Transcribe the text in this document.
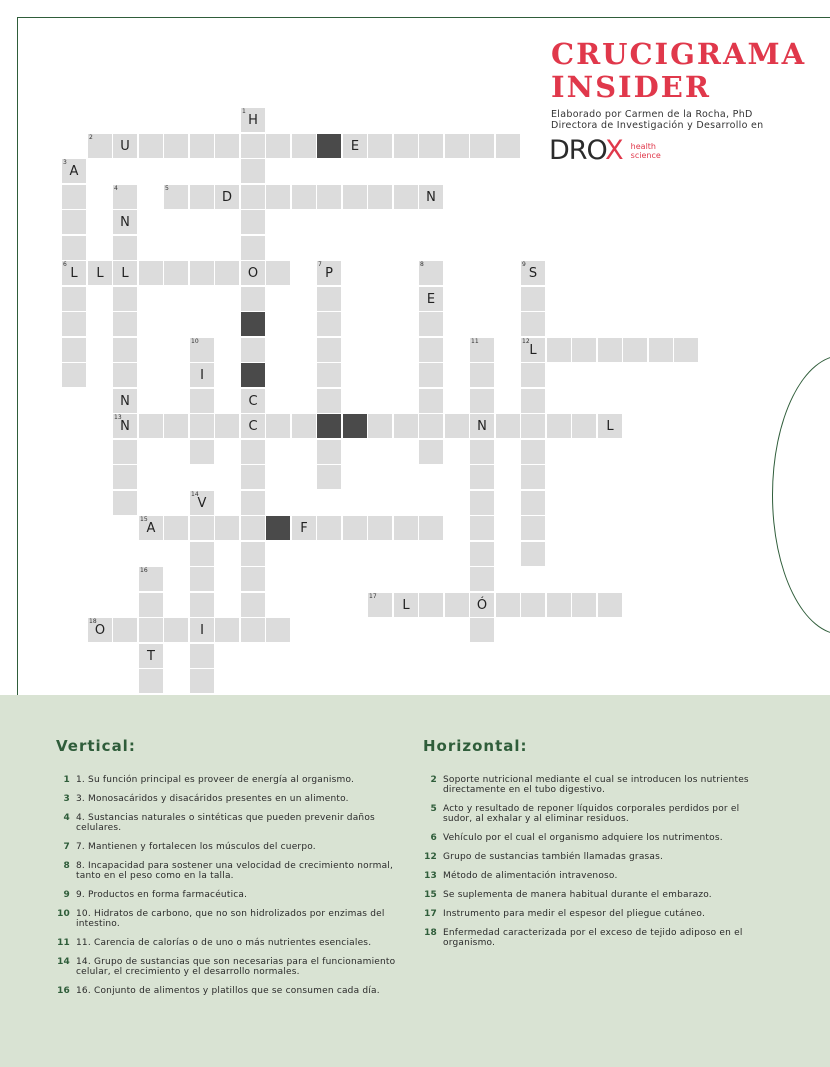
1
H
O
C
C
2
U	E
3
A
6
L
4
N
L
N
13
N
5
D	N
L
7
P
8
E
9
S
12
L
10
I
11
N
Ó
L
14
V
I
15
A	F
16
T
17
L
18
O
CRUCIGRAMA
INSIDER
Elaborado por Carmen de la Rocha, PhD
Directora de Investigación y Desarrollo en
DROX health
science
Vertical:
1 1. Su función principal es proveer de energía al organismo.
3 3. Monosacáridos y disacáridos presentes en un alimento.
4 4. Sustancias naturales o sintéticas que pueden prevenir daños celulares.
7 7. Mantienen y fortalecen los músculos del cuerpo.
8 8. Incapacidad para sostener una velocidad de crecimiento normal, tanto en el peso como en la talla.
9 9. Productos en forma farmacéutica.
10 10. Hidratos de carbono, que no son hidrolizados por enzimas del intestino.
11 11. Carencia de calorías o de uno o más nutrientes esenciales.
14 14. Grupo de sustancias que son necesarias para el funcionamiento celular, el crecimiento y el desarrollo normales.
16 16. Conjunto de alimentos y platillos que se consumen cada día.
Horizontal:
2 Soporte nutricional mediante el cual se introducen los nutrientes directamente en el tubo digestivo.
5 Acto y resultado de reponer líquidos corporales perdidos por el sudor, al exhalar y al eliminar residuos.
6 Vehículo por el cual el organismo adquiere los nutrimentos.
12 Grupo de sustancias también llamadas grasas.
13 Método de alimentación intravenoso.
15 Se suplementa de manera habitual durante el embarazo.
17 Instrumento para medir el espesor del pliegue cutáneo.
18 Enfermedad caracterizada por el exceso de tejido adiposo en el organismo.
